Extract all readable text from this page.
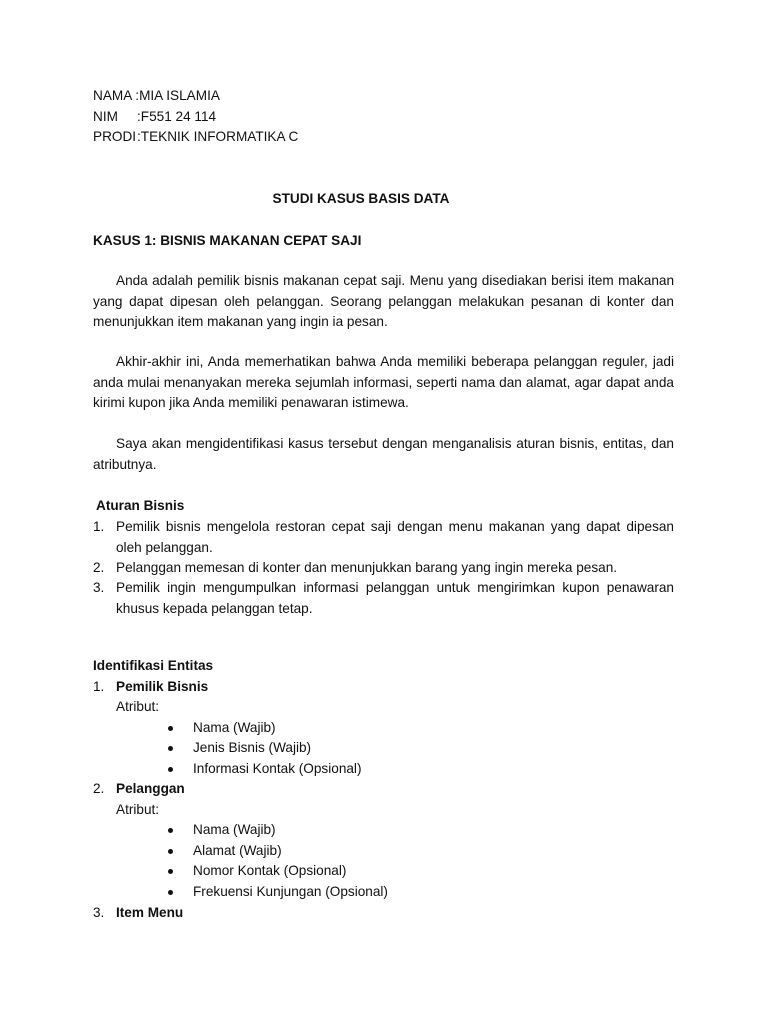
NAMA :MIA ISLAMIA
NIM :F551 24 114
PRODI:TEKNIK INFORMATIKA C
STUDI KASUS BASIS DATA
KASUS 1: BISNIS MAKANAN CEPAT SAJI
Anda adalah pemilik bisnis makanan cepat saji. Menu yang disediakan berisi item makanan yang dapat dipesan oleh pelanggan. Seorang pelanggan melakukan pesanan di konter dan menunjukkan item makanan yang ingin ia pesan.
Akhir-akhir ini, Anda memerhatikan bahwa Anda memiliki beberapa pelanggan reguler, jadi anda mulai menanyakan mereka sejumlah informasi, seperti nama dan alamat, agar dapat anda kirimi kupon jika Anda memiliki penawaran istimewa.
Saya akan mengidentifikasi kasus tersebut dengan menganalisis aturan bisnis, entitas, dan atributnya.
Aturan Bisnis
1. Pemilik bisnis mengelola restoran cepat saji dengan menu makanan yang dapat dipesan oleh pelanggan.
2. Pelanggan memesan di konter dan menunjukkan barang yang ingin mereka pesan.
3. Pemilik ingin mengumpulkan informasi pelanggan untuk mengirimkan kupon penawaran khusus kepada pelanggan tetap.
Identifikasi Entitas
1. Pemilik Bisnis
Atribut:
Nama (Wajib)
Jenis Bisnis (Wajib)
Informasi Kontak (Opsional)
2. Pelanggan
Atribut:
Nama (Wajib)
Alamat (Wajib)
Nomor Kontak (Opsional)
Frekuensi Kunjungan (Opsional)
3. Item Menu
